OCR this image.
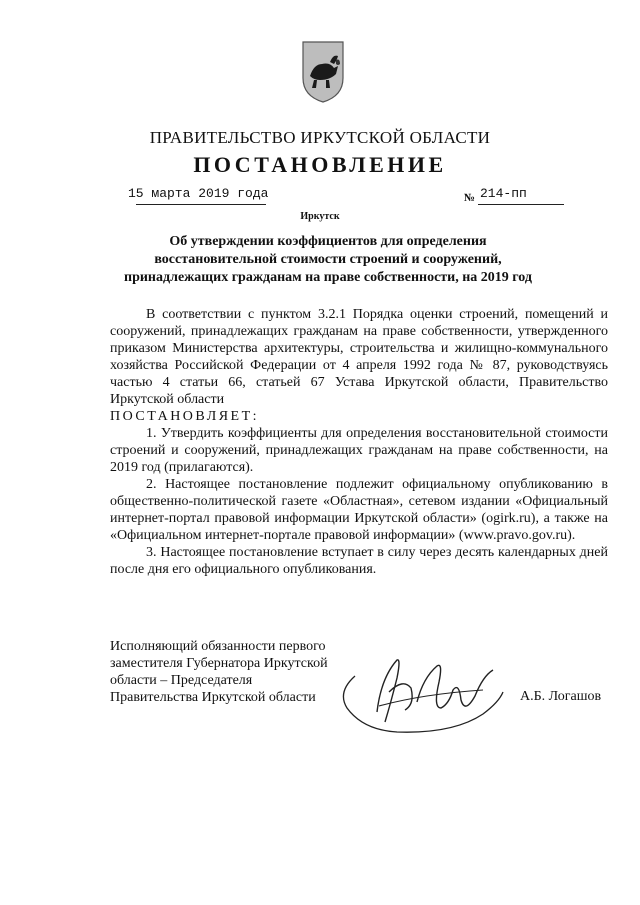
ПРАВИТЕЛЬСТВО ИРКУТСКОЙ ОБЛАСТИ
ПОСТАНОВЛЕНИЕ
15 марта 2019 года	№ 214-пп
Иркутск
Об утверждении коэффициентов для определения восстановительной стоимости строений и сооружений, принадлежащих гражданам на праве собственности, на 2019 год

В соответствии с пунктом 3.2.1 Порядка оценки строений, помещений и сооружений, принадлежащих гражданам на праве собственности, утвержденного приказом Министерства архитектуры, строительства и жилищно-коммунального хозяйства Российской Федерации от 4 апреля 1992 года № 87, руководствуясь частью 4 статьи 66, статьей 67 Устава Иркутской области, Правительство Иркутской области

ПОСТАНОВЛЯЕТ:

1. Утвердить коэффициенты для определения восстановительной стоимости строений и сооружений, принадлежащих гражданам на праве собственности, на 2019 год (прилагаются).

2. Настоящее постановление подлежит официальному опубликованию в общественно-политической газете «Областная», сетевом издании «Официальный интернет-портал правовой информации Иркутской области» (ogirk.ru), а также на «Официальном интернет-портале правовой информации» (www.pravo.gov.ru).

3. Настоящее постановление вступает в силу через десять календарных дней после дня его официального опубликования.

Исполняющий обязанности первого
заместителя Губернатора Иркутской
области – Председателя
Правительства Иркутской области	А.Б. Логашов
